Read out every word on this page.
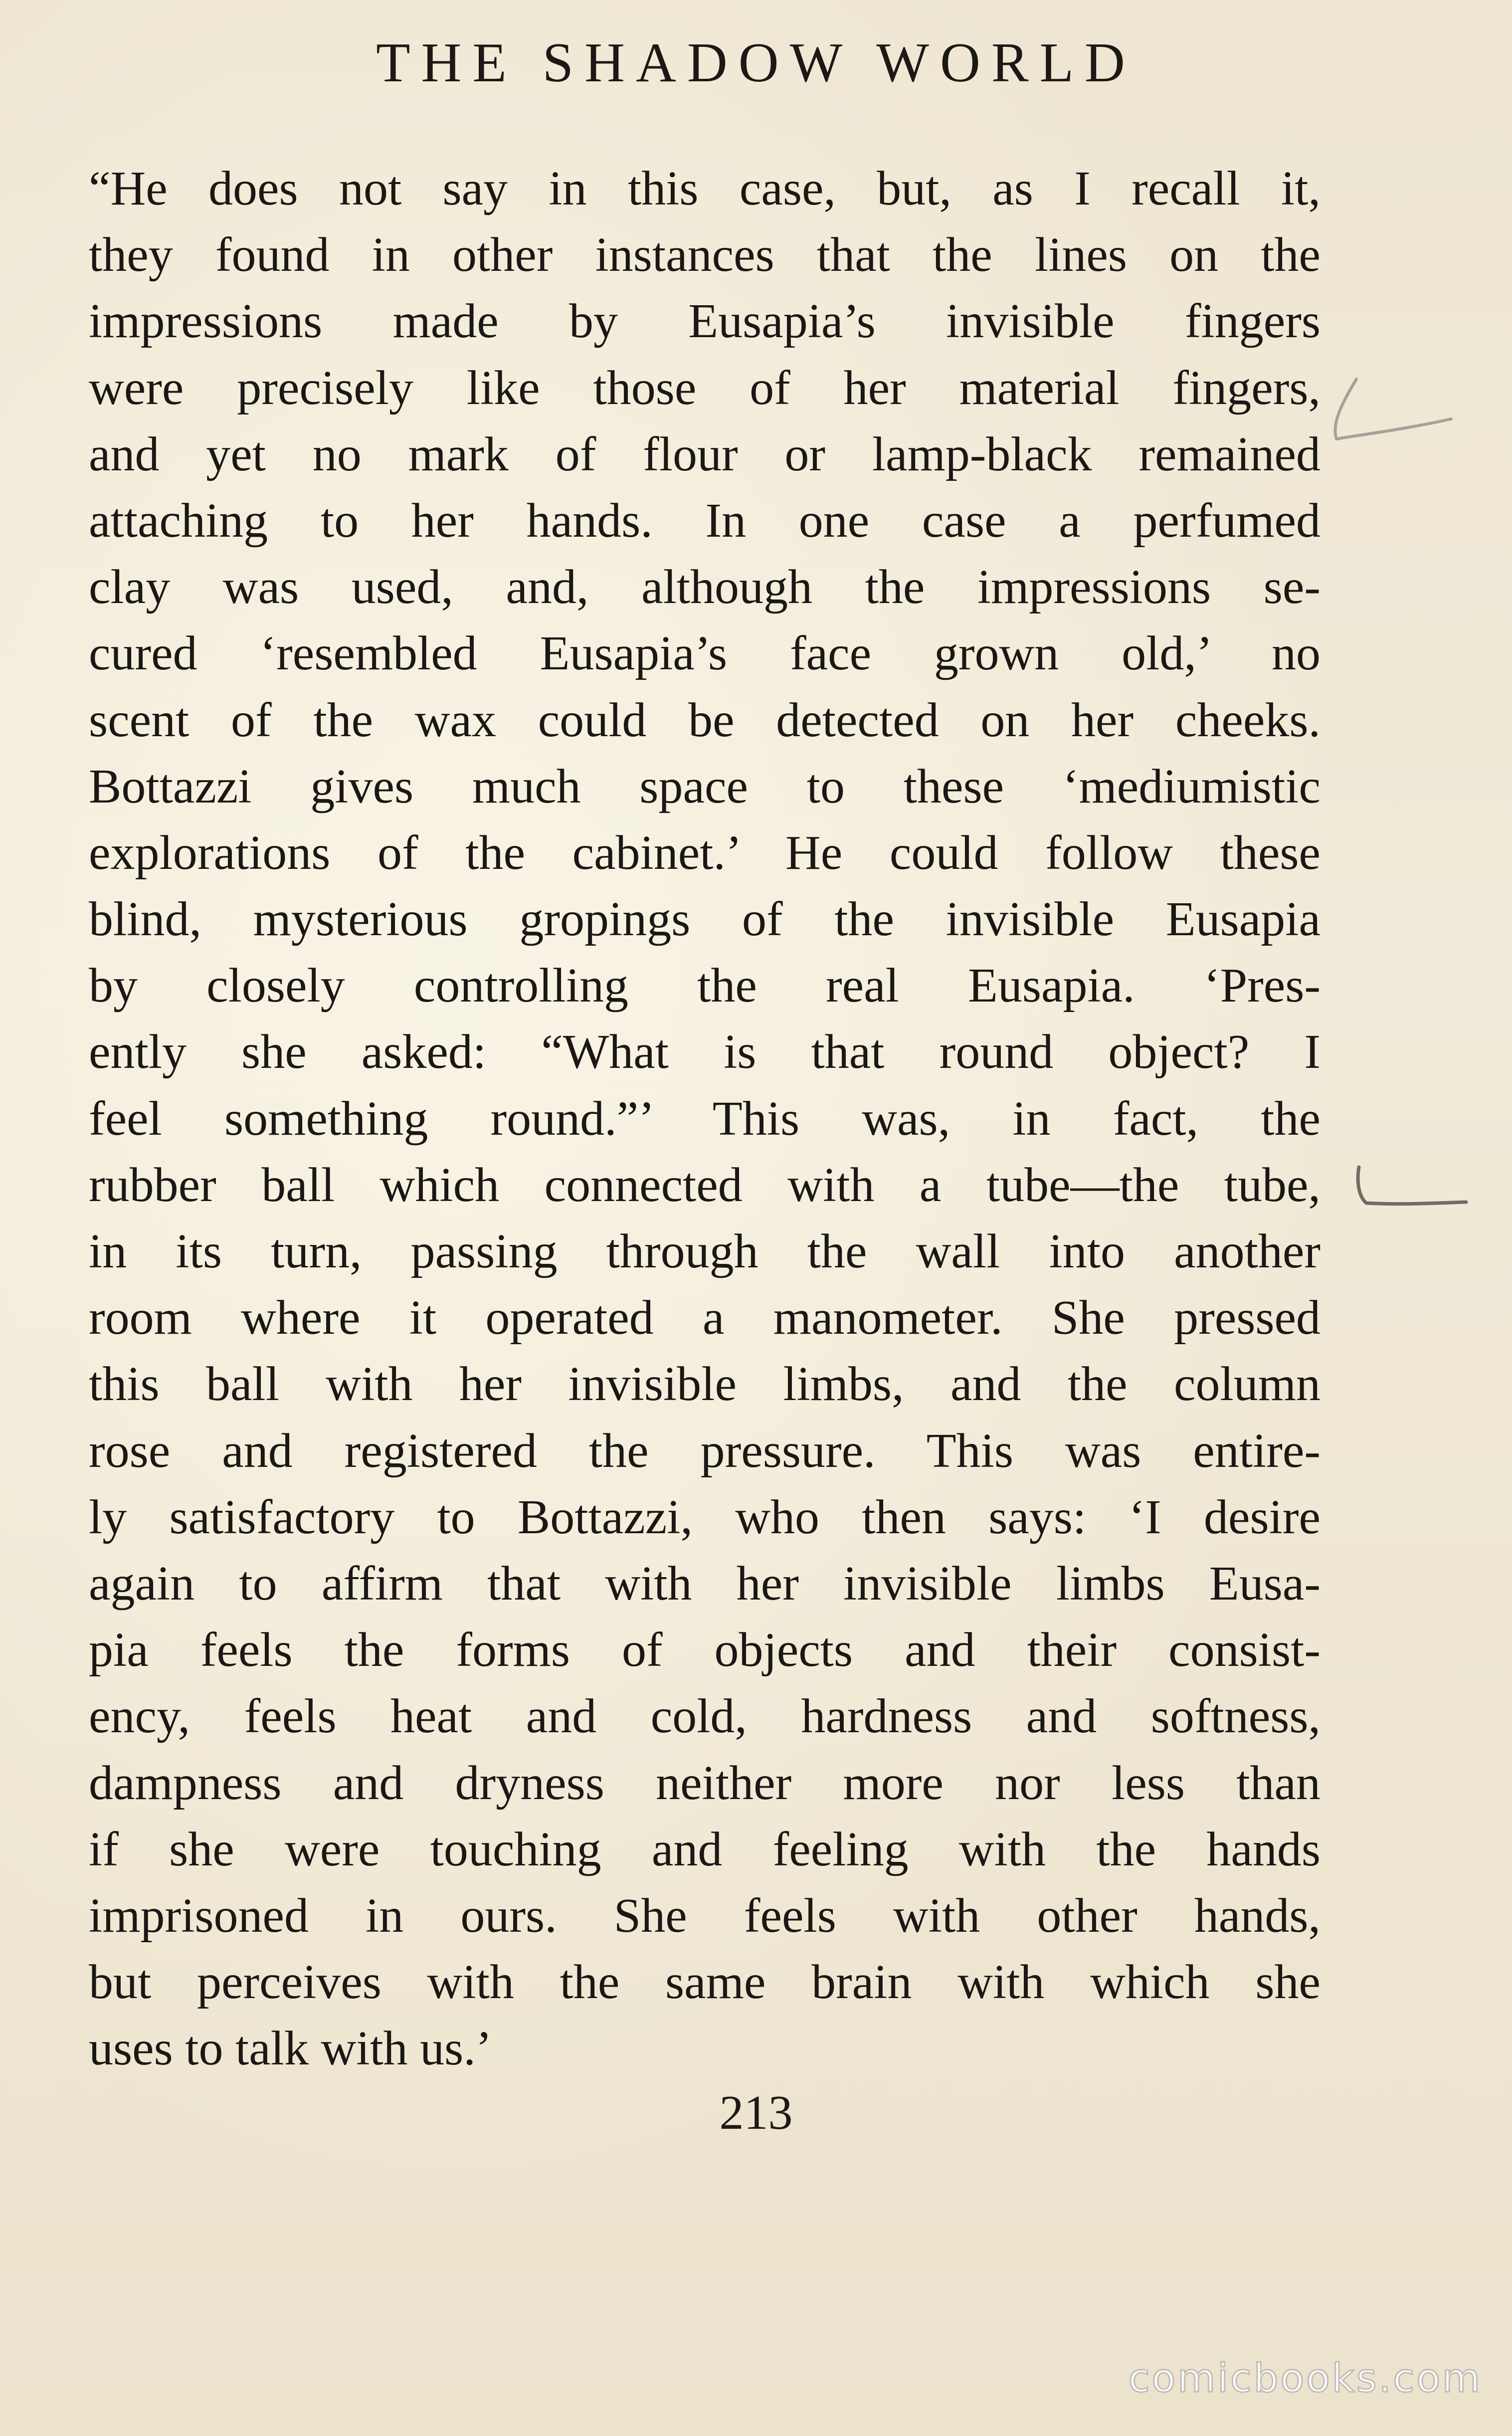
THE SHADOW WORLD
“He does not say in this case, but, as I recall it,
they found in other instances that the lines on the
impressions made by Eusapia’s invisible fingers
were precisely like those of her material fingers,
and yet no mark of flour or lamp-black remained
attaching to her hands. In one case a perfumed
clay was used, and, although the impressions se-
cured ‘resembled Eusapia’s face grown old,’ no
scent of the wax could be detected on her cheeks.
Bottazzi gives much space to these ‘mediumistic
explorations of the cabinet.’ He could follow these
blind, mysterious gropings of the invisible Eusapia
by closely controlling the real Eusapia. ‘Pres-
ently she asked: “What is that round object? I
feel something round.”’ This was, in fact, the
rubber ball which connected with a tube—the tube,
in its turn, passing through the wall into another
room where it operated a manometer. She pressed
this ball with her invisible limbs, and the column
rose and registered the pressure. This was entire-
ly satisfactory to Bottazzi, who then says: ‘I desire
again to affirm that with her invisible limbs Eusa-
pia feels the forms of objects and their consist-
ency, feels heat and cold, hardness and softness,
dampness and dryness neither more nor less than
if she were touching and feeling with the hands
imprisoned in ours. She feels with other hands,
but perceives with the same brain with which she
uses to talk with us.’
213
comicbooks.com
